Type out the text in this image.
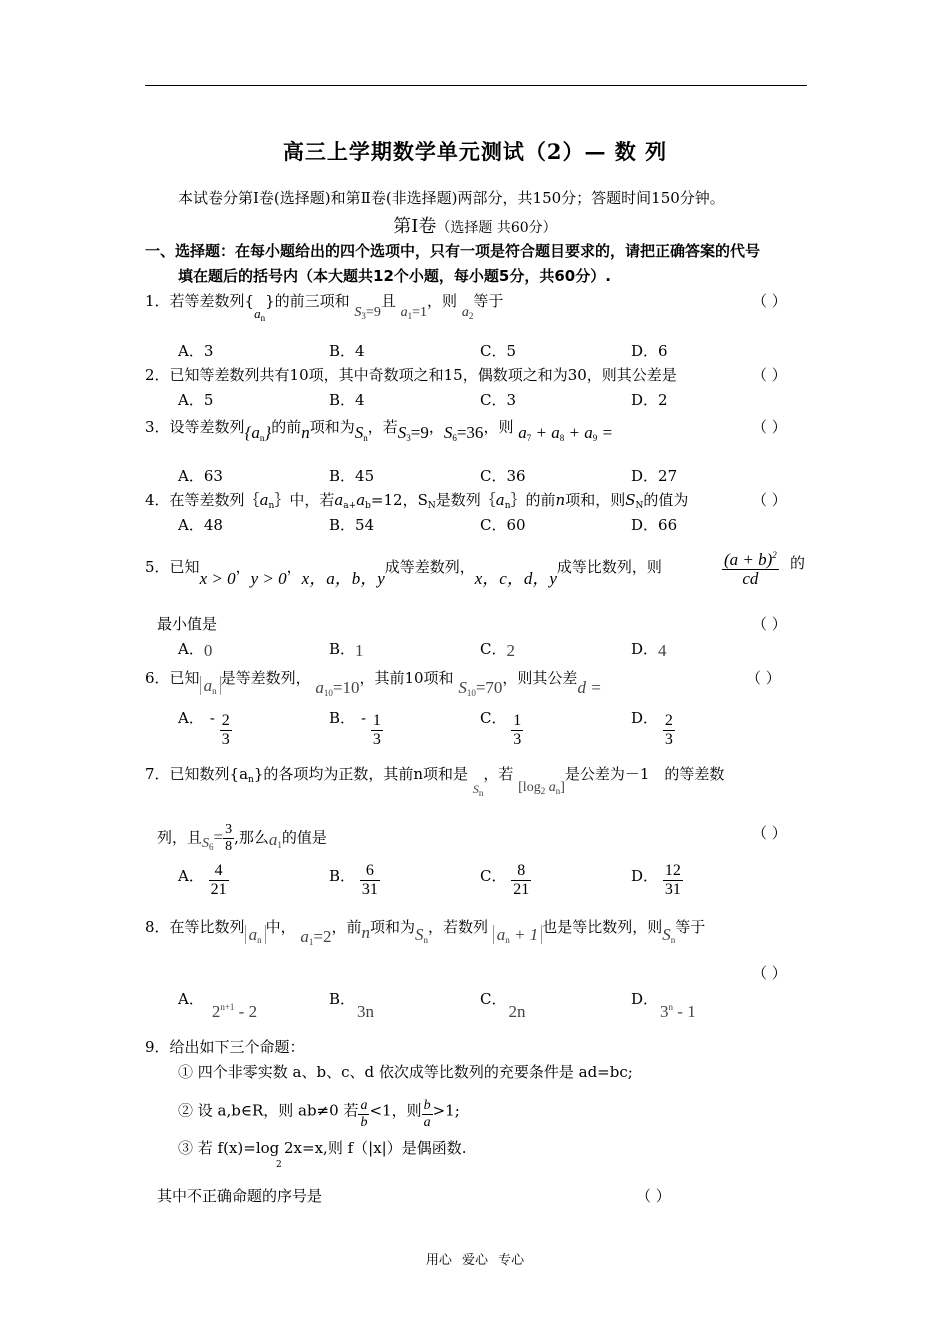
高三上学期数学单元测试（2）— 数 列
本试卷分第Ⅰ卷(选择题)和第Ⅱ卷(非选择题)两部分，共150分；答题时间150分钟。
第Ⅰ卷（选择题 共60分）
一、选择题：在每小题给出的四个选项中，只有一项是符合题目要求的，请把正确答案的代号
填在题后的括号内（本大题共12个小题，每小题5分，共60分）.
1．若等差数列$\{a_n\}$的前三项和 $S_3=9$且 $a_1=1$，则 $a_2$等于	（ ）
A．3	B．4	C．5	D．6
2．已知等差数列共有10项，其中奇数项之和15，偶数项之和为30，则其公差是	（ ）
A．5	B．4	C．3	D．2
3．设等差数列$\{a_n\}$的前n项和为$S_n$，若$S_3=9$，$S_6=36$，则 $a_7 + a_8 + a_9$ =	（ ）
A．63	B．45	C．36	D．27
4．在等差数列$\{a_n\}$中，若$a_{a+}a_b=12$，$S_N$是数列$\{a_n\}$的前n项和，则$S_N$的值为	（ ）
A．48	B．54	C．60	D．66
5．已知x > 0，y > 0，x，a，b，y成等差数列，x，c，d，y成等比数列，则	$\frac{(a + b)^2}{cd}$ 的
最小值是	（ ）
A．0	B．1	C．2	D．4
6．已知 $a_n$是等差数列， $a_{10}=10$，其前10项和 $S_{10}=70$，则其公差d =	（ ）
A． - $\frac{2}{3}$	B． - $\frac{1}{3}$	C． $\frac{1}{3}$	D． $\frac{2}{3}$
7．已知数列$\{a_n\}$的各项均为正数，其前n项和是 $_{S_n}$，若 [$\log_2$ $a_n$]是公差为－1　的等差数
列，且$S_6= \frac{3}{8}$ ,那么$a_1$的值是	（ ）
A． $\frac{4}{21}$	B． $\frac{6}{31}$	C． $\frac{8}{21}$	D． $\frac{12}{31}$
8．在等比数列 $a_n$中， $a_1=2$，前n项和为$S_n$，若数列 $a_n + 1$ 也是等比数列，则$S_n$等于
（ ）
A．$2^{n+1} - 2$
B．3n
C．2n
D．3$^n$ - 1
9．给出如下三个命题：
① 四个非零实数 a、b、c、d 依次成等比数列的充要条件是 ad=bc;
② 设 a,b∈R，则 ab≠0 若 $\frac{a}{b} <1$，则 $\frac{b}{a} >1$;
③ 若 f(x)=log 2x=x,则 f（|x|）是偶函数.
2
其中不正确命题的序号是	（ ）
用心 爱心 专心
